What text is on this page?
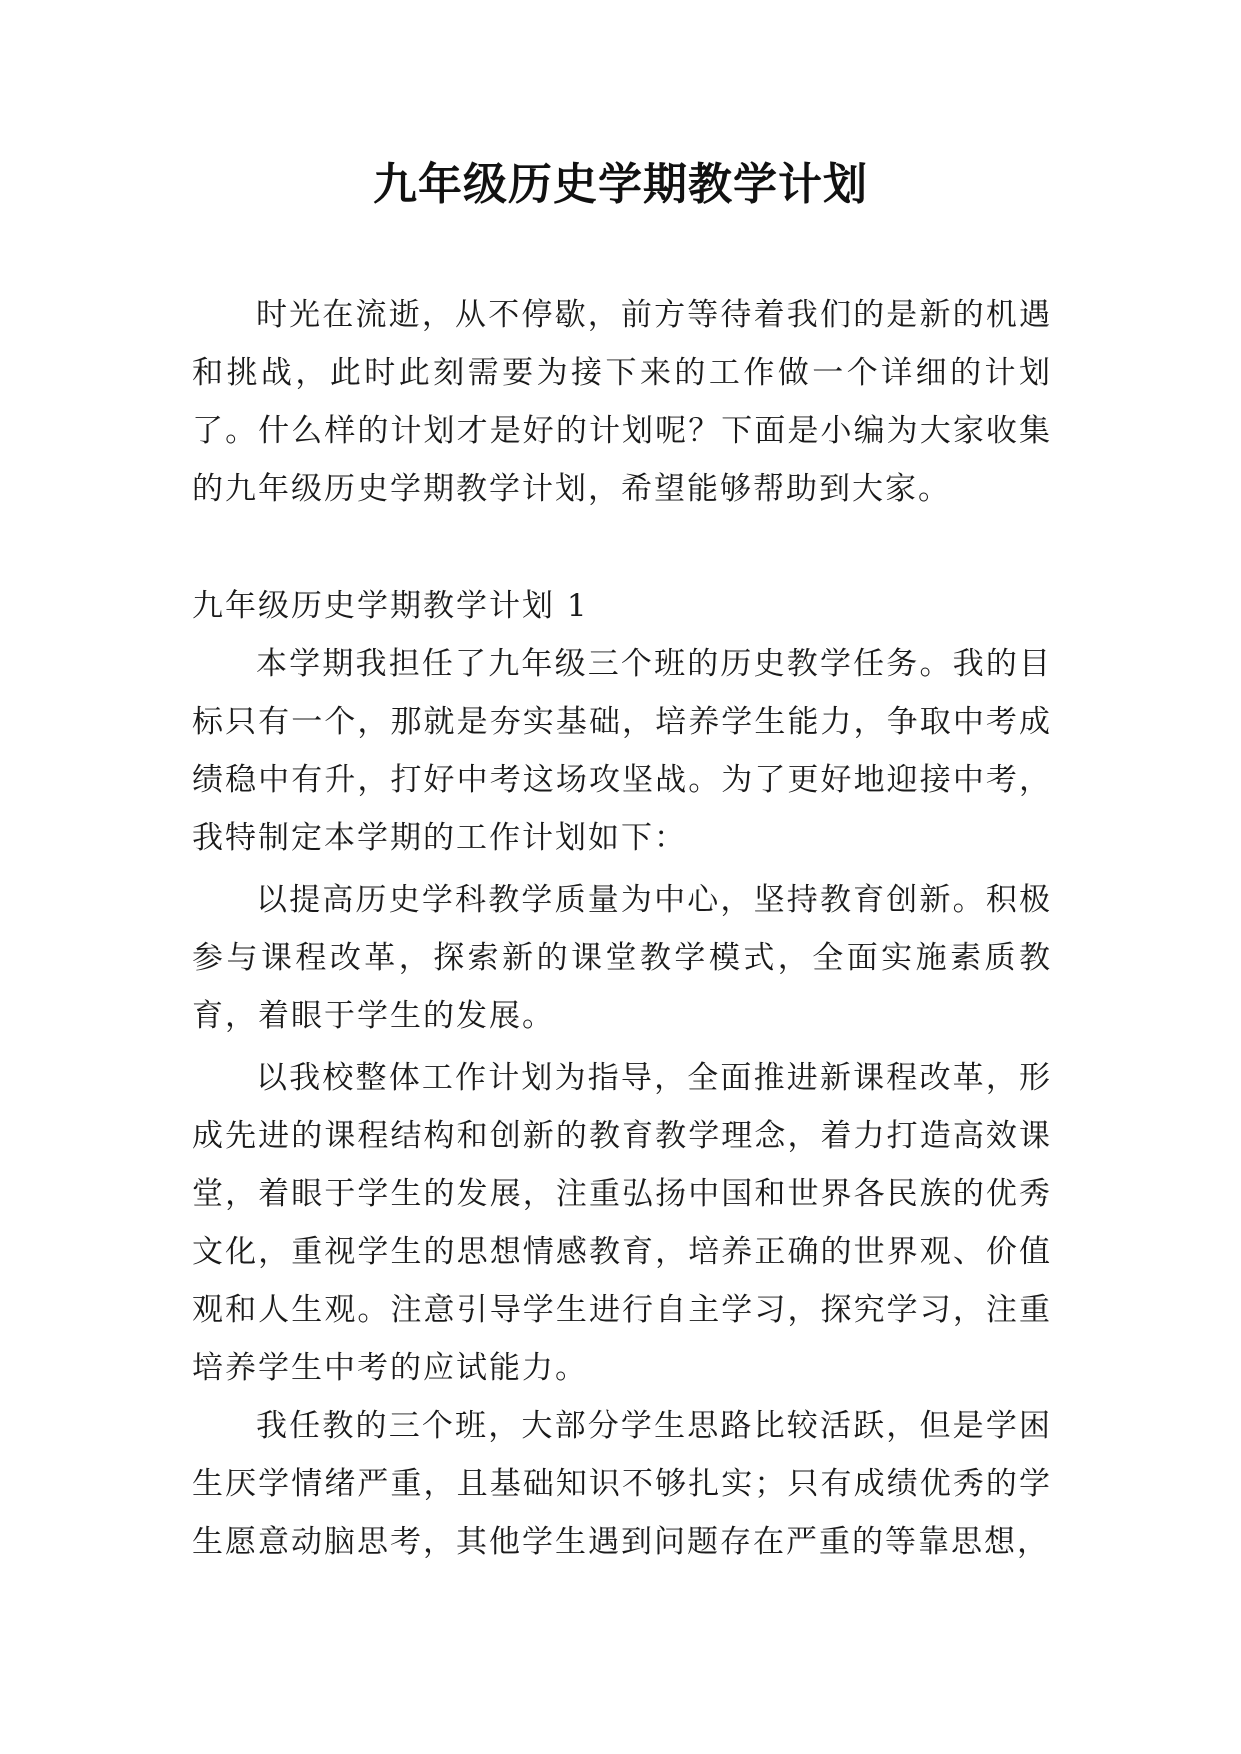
九年级历史学期教学计划

时光在流逝，从不停歇，前方等待着我们的是新的机遇和挑战，此时此刻需要为接下来的工作做一个详细的计划了。什么样的计划才是好的计划呢？下面是小编为大家收集的九年级历史学期教学计划，希望能够帮助到大家。

九年级历史学期教学计划 1

本学期我担任了九年级三个班的历史教学任务。我的目标只有一个，那就是夯实基础，培养学生能力，争取中考成绩稳中有升，打好中考这场攻坚战。为了更好地迎接中考，我特制定本学期的工作计划如下：

以提高历史学科教学质量为中心，坚持教育创新。积极参与课程改革，探索新的课堂教学模式，全面实施素质教育，着眼于学生的发展。

以我校整体工作计划为指导，全面推进新课程改革，形成先进的课程结构和创新的教育教学理念，着力打造高效课堂，着眼于学生的发展，注重弘扬中国和世界各民族的优秀文化，重视学生的思想情感教育，培养正确的世界观、价值观和人生观。注意引导学生进行自主学习，探究学习，注重培养学生中考的应试能力。

我任教的三个班，大部分学生思路比较活跃，但是学困生厌学情绪严重，且基础知识不够扎实；只有成绩优秀的学生愿意动脑思考，其他学生遇到问题存在严重的等靠思想，
